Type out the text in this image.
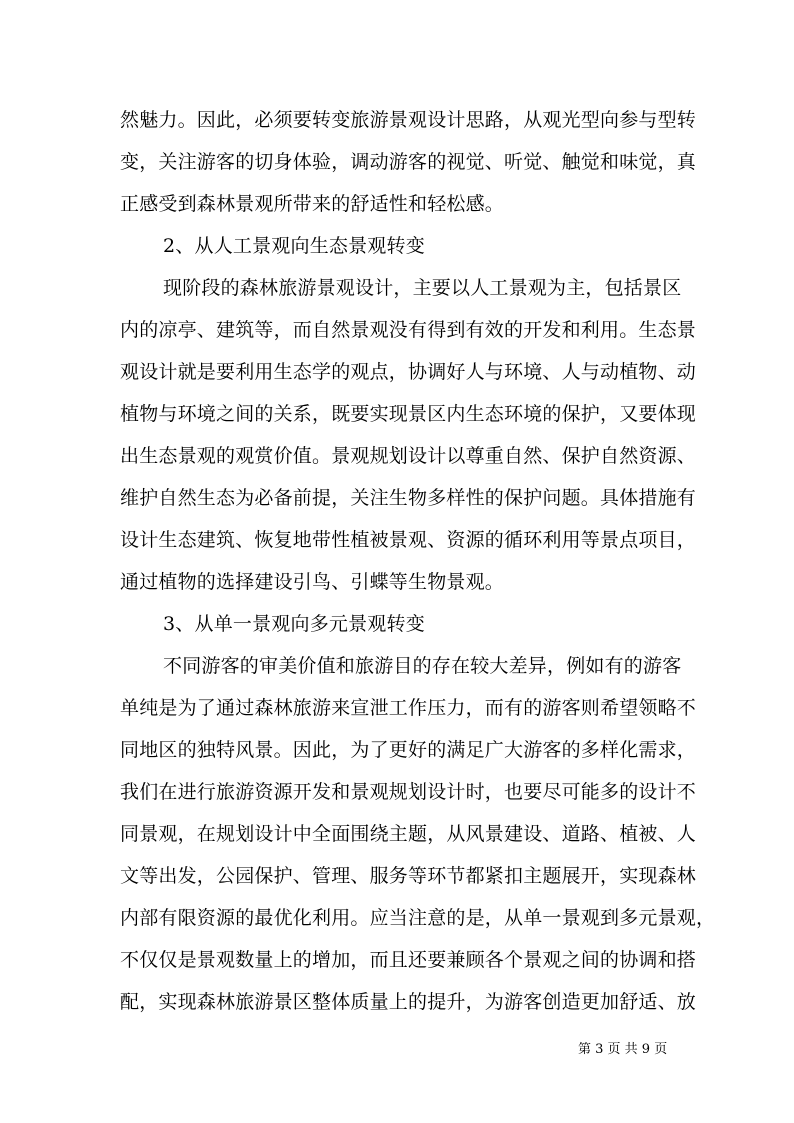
然魅力。因此，必须要转变旅游景观设计思路，从观光型向参与型转
变，关注游客的切身体验，调动游客的视觉、听觉、触觉和味觉，真
正感受到森林景观所带来的舒适性和轻松感。
2、从人工景观向生态景观转变
现阶段的森林旅游景观设计，主要以人工景观为主，包括景区
内的凉亭、建筑等，而自然景观没有得到有效的开发和利用。生态景
观设计就是要利用生态学的观点，协调好人与环境、人与动植物、动
植物与环境之间的关系，既要实现景区内生态环境的保护，又要体现
出生态景观的观赏价值。景观规划设计以尊重自然、保护自然资源、
维护自然生态为必备前提，关注生物多样性的保护问题。具体措施有
设计生态建筑、恢复地带性植被景观、资源的循环利用等景点项目，
通过植物的选择建设引鸟、引蝶等生物景观。
3、从单一景观向多元景观转变
不同游客的审美价值和旅游目的存在较大差异，例如有的游客
单纯是为了通过森林旅游来宣泄工作压力，而有的游客则希望领略不
同地区的独特风景。因此，为了更好的满足广大游客的多样化需求，
我们在进行旅游资源开发和景观规划设计时，也要尽可能多的设计不
同景观，在规划设计中全面围绕主题，从风景建设、道路、植被、人
文等出发，公园保护、管理、服务等环节都紧扣主题展开，实现森林
内部有限资源的最优化利用。应当注意的是，从单一景观到多元景观，
不仅仅是景观数量上的增加，而且还要兼顾各个景观之间的协调和搭
配，实现森林旅游景区整体质量上的提升，为游客创造更加舒适、放
第 3 页 共 9 页
